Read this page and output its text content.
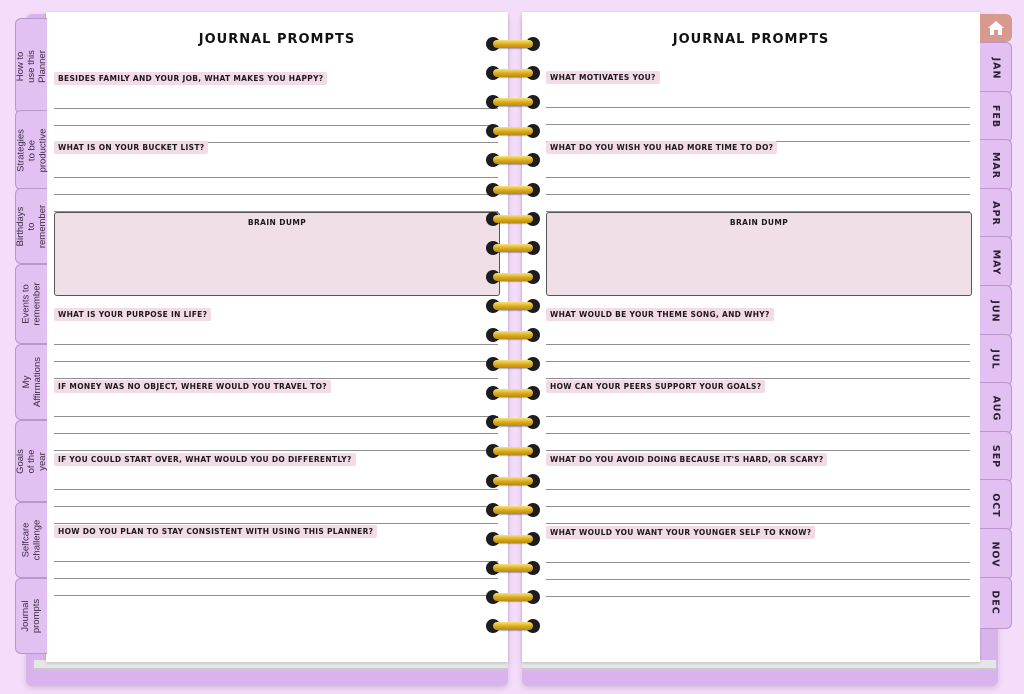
JOURNAL PROMPTS
BESIDES FAMILY AND YOUR JOB, WHAT MAKES YOU HAPPY?
WHAT IS ON YOUR BUCKET LIST?
BRAIN DUMP
WHAT IS YOUR PURPOSE IN LIFE?
IF MONEY WAS NO OBJECT, WHERE WOULD YOU TRAVEL TO?
IF YOU COULD START OVER, WHAT WOULD YOU DO DIFFERENTLY?
HOW DO YOU PLAN TO STAY CONSISTENT WITH USING THIS PLANNER?
JOURNAL PROMPTS
WHAT MOTIVATES YOU?
WHAT DO YOU WISH YOU HAD MORE TIME TO DO?
BRAIN DUMP
WHAT WOULD BE YOUR THEME SONG, AND WHY?
HOW CAN YOUR PEERS SUPPORT YOUR GOALS?
WHAT DO YOU AVOID DOING BECAUSE IT'S HARD, OR SCARY?
WHAT WOULD YOU WANT YOUR YOUNGER SELF TO KNOW?
How to use this Planner
Strategies to be productive
Birthdays to remember
Events to remember
My Affirmations
Goals of the year
Selfcare challenge
Journal prompts
JAN
FEB
MAR
APR
MAY
JUN
JUL
AUG
SEP
OCT
NOV
DEC
